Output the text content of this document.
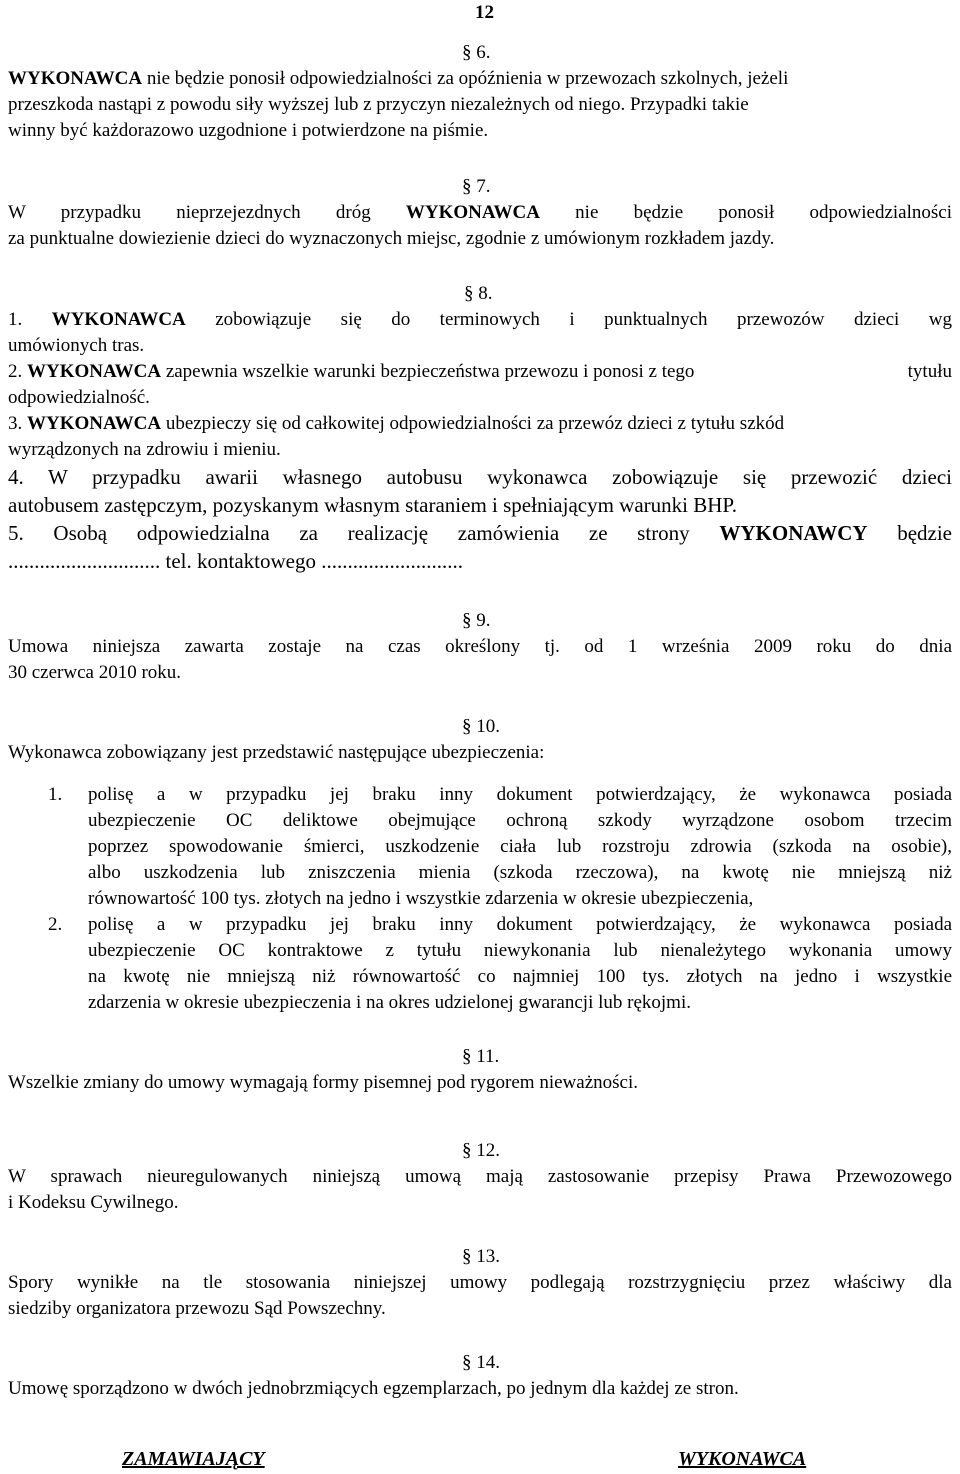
12
§ 6.
WYKONAWCA nie będzie ponosił odpowiedzialności za opóźnienia w przewozach szkolnych, jeżeli
przeszkoda nastąpi z powodu siły wyższej lub z przyczyn niezależnych od niego. Przypadki takie
winny być każdorazowo uzgodnione i potwierdzone na piśmie.
§ 7.
W przypadku nieprzejezdnych dróg WYKONAWCA nie będzie ponosił odpowiedzialności
za punktualne dowiezienie dzieci do wyznaczonych miejsc, zgodnie z umówionym rozkładem jazdy.
§ 8.
1. WYKONAWCA zobowiązuje się do terminowych i punktualnych przewozów dzieci wg
umówionych tras.
2. WYKONAWCA zapewnia wszelkie warunki bezpieczeństwa przewozu i ponosi z tego	tytułu
odpowiedzialność.
3. WYKONAWCA ubezpieczy się od całkowitej odpowiedzialności za przewóz dzieci z tytułu szkód
wyrządzonych na zdrowiu i mieniu.
4. W przypadku awarii własnego autobusu wykonawca zobowiązuje się przewozić dzieci
autobusem zastępczym, pozyskanym własnym staraniem i spełniającym warunki BHP.
5. Osobą odpowiedzialna za realizację zamówienia ze strony WYKONAWCY będzie
............................. tel. kontaktowego ...........................
§ 9.
Umowa niniejsza zawarta zostaje na czas określony tj. od 1 września 2009 roku do dnia
30 czerwca 2010 roku.
§ 10.
Wykonawca zobowiązany jest przedstawić następujące ubezpieczenia:
1.	polisę a w przypadku jej braku inny dokument potwierdzający, że wykonawca posiada
ubezpieczenie OC deliktowe obejmujące ochroną szkody wyrządzone osobom trzecim
poprzez spowodowanie śmierci, uszkodzenie ciała lub rozstroju zdrowia (szkoda na osobie),
albo uszkodzenia lub zniszczenia mienia (szkoda rzeczowa), na kwotę nie mniejszą niż
równowartość 100 tys. złotych na jedno i wszystkie zdarzenia w okresie ubezpieczenia,
2.	polisę a w przypadku jej braku inny dokument potwierdzający, że wykonawca posiada
ubezpieczenie OC kontraktowe z tytułu niewykonania lub nienależytego wykonania umowy
na kwotę nie mniejszą niż równowartość co najmniej 100 tys. złotych na jedno i wszystkie
zdarzenia w okresie ubezpieczenia i na okres udzielonej gwarancji lub rękojmi.
§ 11.
Wszelkie zmiany do umowy wymagają formy pisemnej pod rygorem nieważności.
§ 12.
W sprawach nieuregulowanych niniejszą umową mają zastosowanie przepisy Prawa Przewozowego
i Kodeksu Cywilnego.
§ 13.
Spory wynikłe na tle stosowania niniejszej umowy podlegają rozstrzygnięciu przez właściwy dla
siedziby organizatora przewozu Sąd Powszechny.
§ 14.
Umowę sporządzono w dwóch jednobrzmiących egzemplarzach, po jednym dla każdej ze stron.
ZAMAWIAJĄCY	WYKONAWCA
